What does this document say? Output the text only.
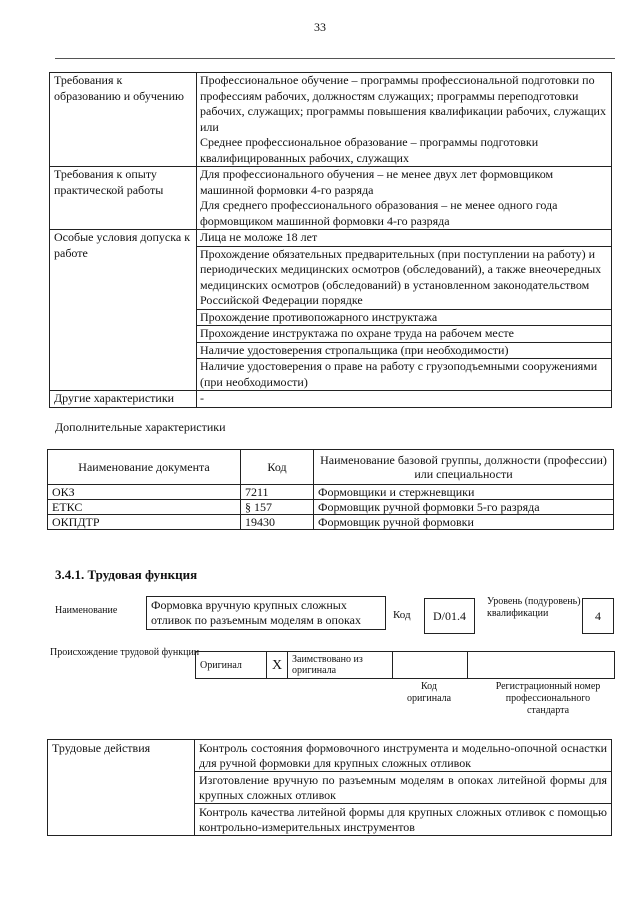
33
Требования к образованию и обучению	Профессиональное обучение – программы профессиональной подготовки по профессиям рабочих, должностям служащих; программы переподготовки рабочих, служащих; программы повышения квалификации рабочих, служащих
или
Среднее профессиональное образование – программы подготовки квалифицированных рабочих, служащих
Требования к опыту практической работы	Для профессионального обучения – не менее двух лет формовщиком машинной формовки 4-го разряда
Для среднего профессионального образования – не менее одного года формовщиком машинной формовки 4-го разряда
Особые условия допуска к работе	Лица не моложе 18 лет
	Прохождение обязательных предварительных (при поступлении на работу) и периодических медицинских осмотров (обследований), а также внеочередных медицинских осмотров (обследований) в установленном законодательством Российской Федерации порядке
	Прохождение противопожарного инструктажа
	Прохождение инструктажа по охране труда на рабочем месте
	Наличие удостоверения стропальщика (при необходимости)
	Наличие удостоверения о праве на работу с грузоподъемными сооружениями (при необходимости)
Другие характеристики	-
Дополнительные характеристики
Наименование документа	Код	Наименование базовой группы, должности (профессии) или специальности
ОКЗ	7211	Формовщики и стержневщики
ЕТКС	§ 157	Формовщик ручной формовки 5-го разряда
ОКПДТР	19430	Формовщик ручной формовки
3.4.1. Трудовая функция
Наименование	Формовка вручную крупных сложных отливок по разъемным моделям в опоках	Код	D/01.4
Уровень (подуровень) квалификации	4
Происхождение трудовой функции
Оригинал	X	Заимствовано из оригинала		
Код оригинала
Регистрационный номер профессионального стандарта
Трудовые действия	Контроль состояния формовочного инструмента и модельно-опочной оснастки для ручной формовки для крупных сложных отливок
Изготовление вручную по разъемным моделям в опоках литейной формы для крупных сложных отливок
Контроль качества литейной формы для крупных сложных отливок с помощью контрольно-измерительных инструментов
